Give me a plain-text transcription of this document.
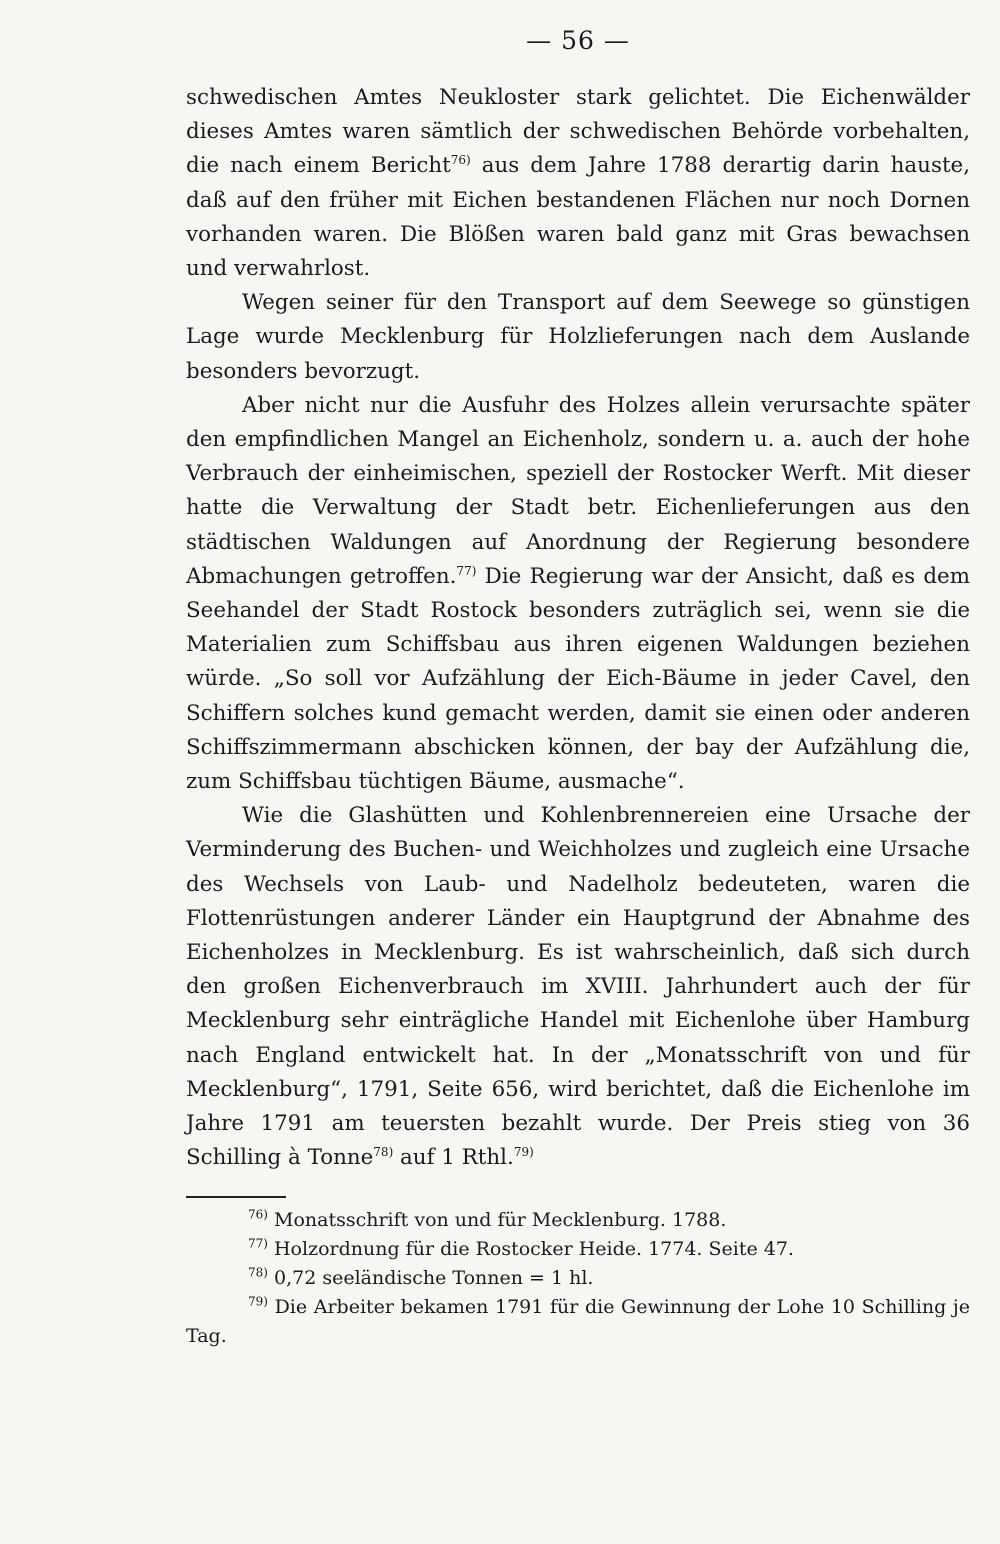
— 56 —

schwedischen Amtes Neukloster stark gelichtet. Die Eichenwälder dieses Amtes waren sämtlich der schwedischen Behörde vorbehalten, die nach einem Bericht$^{76)}$ aus dem Jahre 1788 derartig darin hauste, daß auf den früher mit Eichen bestandenen Flächen nur noch Dornen vorhanden waren. Die Blößen waren bald ganz mit Gras bewachsen und verwahrlost.

Wegen seiner für den Transport auf dem Seewege so günstigen Lage wurde Mecklenburg für Holzlieferungen nach dem Auslande besonders bevorzugt.

Aber nicht nur die Ausfuhr des Holzes allein verursachte später den empfindlichen Mangel an Eichenholz, sondern u. a. auch der hohe Verbrauch der einheimischen, speziell der Rostocker Werft. Mit dieser hatte die Verwaltung der Stadt betr. Eichenlieferungen aus den städtischen Waldungen auf Anordnung der Regierung besondere Abmachungen getroffen.$^{77)}$ Die Regierung war der Ansicht, daß es dem Seehandel der Stadt Rostock besonders zuträglich sei, wenn sie die Materialien zum Schiffsbau aus ihren eigenen Waldungen beziehen würde. „So soll vor Aufzählung der Eich-Bäume in jeder Cavel, den Schiffern solches kund gemacht werden, damit sie einen oder anderen Schiffszimmermann abschicken können, der bay der Aufzählung die, zum Schiffsbau tüchtigen Bäume, ausmache“.

Wie die Glashütten und Kohlenbrennereien eine Ursache der Verminderung des Buchen- und Weichholzes und zugleich eine Ursache des Wechsels von Laub- und Nadelholz bedeuteten, waren die Flottenrüstungen anderer Länder ein Hauptgrund der Abnahme des Eichenholzes in Mecklenburg. Es ist wahrscheinlich, daß sich durch den großen Eichenverbrauch im XVIII. Jahrhundert auch der für Mecklenburg sehr einträgliche Handel mit Eichenlohe über Hamburg nach England entwickelt hat. In der „Monatsschrift von und für Mecklenburg“, 1791, Seite 656, wird berichtet, daß die Eichenlohe im Jahre 1791 am teuersten bezahlt wurde. Der Preis stieg von 36 Schilling à Tonne$^{78)}$ auf 1 Rthl.$^{79)}$

$^{76)}$ Monatsschrift von und für Mecklenburg. 1788.

$^{77)}$ Holzordnung für die Rostocker Heide. 1774. Seite 47.

$^{78)}$ 0,72 seeländische Tonnen = 1 hl.

$^{79)}$ Die Arbeiter bekamen 1791 für die Gewinnung der Lohe 10 Schilling je Tag.
